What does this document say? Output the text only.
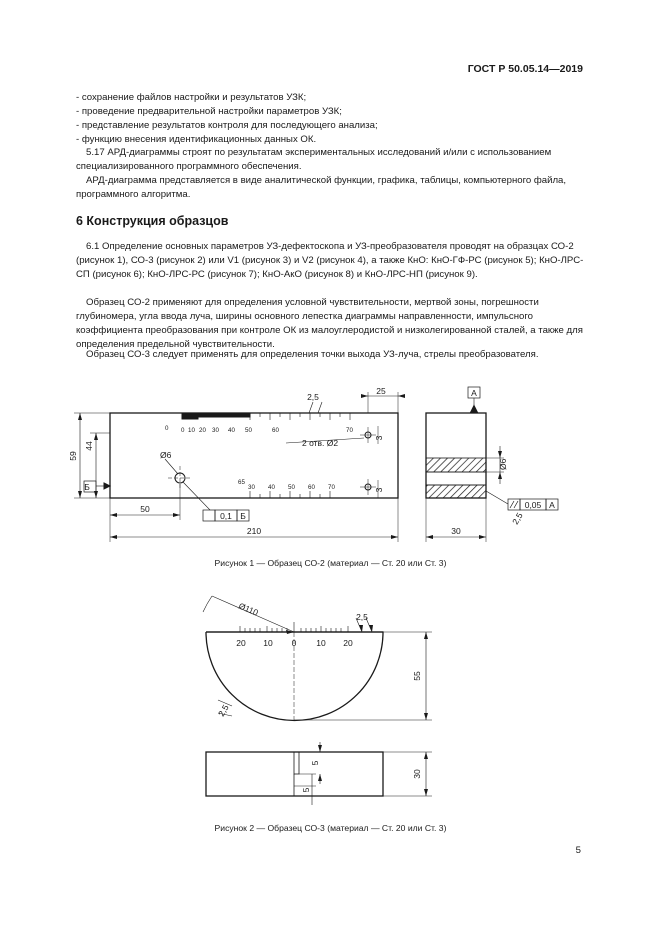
ГОСТ Р 50.05.14—2019
- сохранение файлов настройки и результатов УЗК;
- проведение предварительной настройки параметров УЗК;
- представление результатов контроля для последующего анализа;
- функцию внесения идентификационных данных ОК.
5.17 АРД-диаграммы строят по результатам экспериментальных исследований и/или с использованием специализированного программного обеспечения.
АРД-диаграмма представляется в виде аналитической функции, графика, таблицы, компьютерного файла, программного алгоритма.
6 Конструкция образцов
6.1 Определение основных параметров УЗ-дефектоскопа и УЗ-преобразователя проводят на образцах СО-2 (рисунок 1), СО-3 (рисунок 2) или V1 (рисунок 3) и V2 (рисунок 4), а также КнО: КнО-ГФ-РС (рисунок 5); КнО-ЛРС-СП (рисунок 6); КнО-ЛРС-РС (рисунок 7); КнО-АкО (рисунок 8) и КнО-ЛРС-НП (рисунок 9).
Образец СО-2 применяют для определения условной чувствительности, мертвой зоны, погрешности глубиномера, угла ввода луча, ширины основного лепестка диаграммы направленности, импульсного коэффициента преобразования при контроле ОК из малоуглеродистой и низколегированной сталей, а также для определения предельной чувствительности.
Образец СО-3 следует применять для определения точки выхода УЗ-луча, стрелы преобразователя.
Б
А
59
44
50
210
25
30
3
3
2,5
2,5
Ø6
Ø6
2 отв. Ø2
0,1 Б
0,05 А
0 0 10 20 30 40 50	60	70
65
30 40 50 60 70
Ø110	2,5
2,5
55
30
5
5
20 10 0 10 20
Рисунок 1 — Образец СО-2 (материал — Ст. 20 или Ст. 3)
Рисунок 2 — Образец СО-3 (материал — Ст. 20 или Ст. 3)
5
